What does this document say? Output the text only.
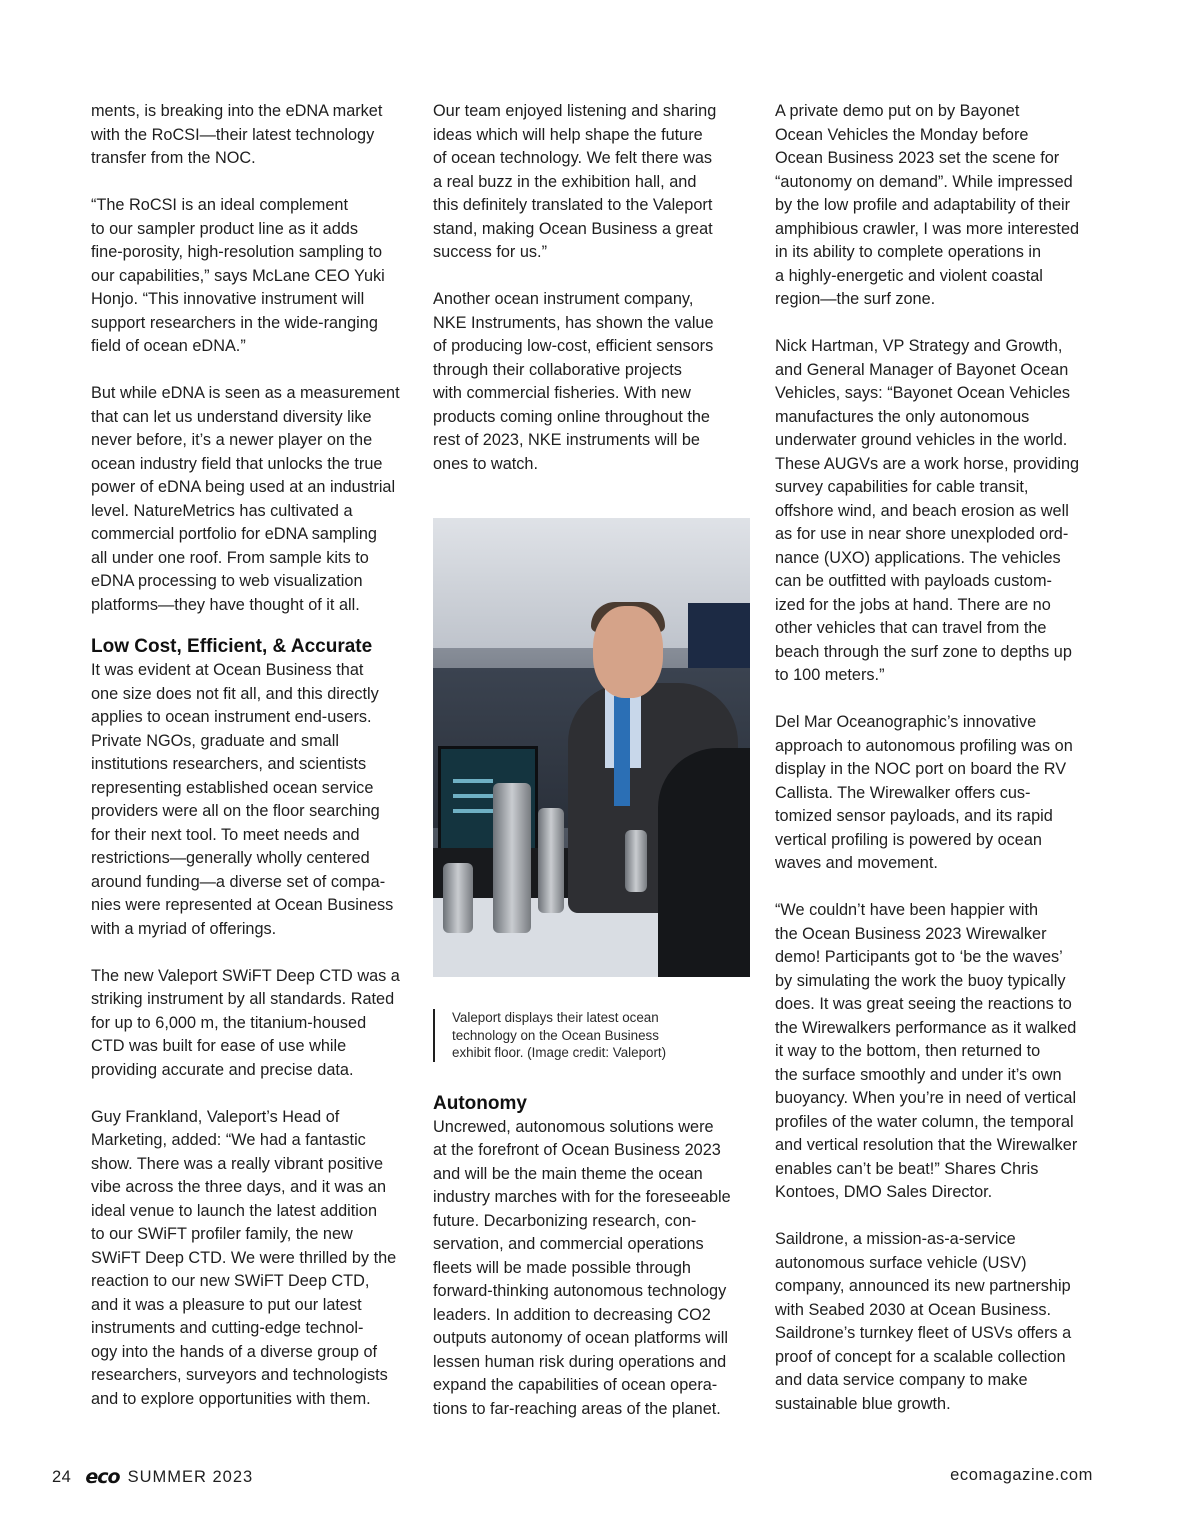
ments, is breaking into the eDNA market
with the RoCSI—their latest technology
transfer from the NOC.

“The RoCSI is an ideal complement
to our sampler product line as it adds
fine-porosity, high-resolution sampling to
our capabilities,” says McLane CEO Yuki
Honjo. “This innovative instrument will
support researchers in the wide-ranging
field of ocean eDNA.”

But while eDNA is seen as a measurement
that can let us understand diversity like
never before, it’s a newer player on the
ocean industry field that unlocks the true
power of eDNA being used at an industrial
level. NatureMetrics has cultivated a
commercial portfolio for eDNA sampling
all under one roof. From sample kits to
eDNA processing to web visualization
platforms—they have thought of it all.

Low Cost, Efficient, & Accurate

It was evident at Ocean Business that
one size does not fit all, and this directly
applies to ocean instrument end-users.
Private NGOs, graduate and small
institutions researchers, and scientists
representing established ocean service
providers were all on the floor searching
for their next tool. To meet needs and
restrictions—generally wholly centered
around funding—a diverse set of compa-
nies were represented at Ocean Business
with a myriad of offerings.

The new Valeport SWiFT Deep CTD was a
striking instrument by all standards. Rated
for up to 6,000 m, the titanium-housed
CTD was built for ease of use while
providing accurate and precise data.

Guy Frankland, Valeport’s Head of
Marketing, added: “We had a fantastic
show. There was a really vibrant positive
vibe across the three days, and it was an
ideal venue to launch the latest addition
to our SWiFT profiler family, the new
SWiFT Deep CTD. We were thrilled by the
reaction to our new SWiFT Deep CTD,
and it was a pleasure to put our latest
instruments and cutting-edge technol-
ogy into the hands of a diverse group of
researchers, surveyors and technologists
and to explore opportunities with them.

Our team enjoyed listening and sharing
ideas which will help shape the future
of ocean technology. We felt there was
a real buzz in the exhibition hall, and
this definitely translated to the Valeport
stand, making Ocean Business a great
success for us.”

Another ocean instrument company,
NKE Instruments, has shown the value
of producing low-cost, efficient sensors
through their collaborative projects
with commercial fisheries. With new
products coming online throughout the
rest of 2023, NKE instruments will be
ones to watch.

Valeport displays their latest ocean
technology on the Ocean Business
exhibit floor. (Image credit: Valeport)

Autonomy

Uncrewed, autonomous solutions were
at the forefront of Ocean Business 2023
and will be the main theme the ocean
industry marches with for the foreseeable
future. Decarbonizing research, con-
servation, and commercial operations
fleets will be made possible through
forward-thinking autonomous technology
leaders. In addition to decreasing CO2
outputs autonomy of ocean platforms will
lessen human risk during operations and
expand the capabilities of ocean opera-
tions to far-reaching areas of the planet.

A private demo put on by Bayonet
Ocean Vehicles the Monday before
Ocean Business 2023 set the scene for
“autonomy on demand”. While impressed
by the low profile and adaptability of their
amphibious crawler, I was more interested
in its ability to complete operations in
a highly-energetic and violent coastal
region—the surf zone.

Nick Hartman, VP Strategy and Growth,
and General Manager of Bayonet Ocean
Vehicles, says: “Bayonet Ocean Vehicles
manufactures the only autonomous
underwater ground vehicles in the world.
These AUGVs are a work horse, providing
survey capabilities for cable transit,
offshore wind, and beach erosion as well
as for use in near shore unexploded ord-
nance (UXO) applications. The vehicles
can be outfitted with payloads custom-
ized for the jobs at hand. There are no
other vehicles that can travel from the
beach through the surf zone to depths up
to 100 meters.”

Del Mar Oceanographic’s innovative
approach to autonomous profiling was on
display in the NOC port on board the RV
Callista. The Wirewalker offers cus-
tomized sensor payloads, and its rapid
vertical profiling is powered by ocean
waves and movement.

“We couldn’t have been happier with
the Ocean Business 2023 Wirewalker
demo! Participants got to ‘be the waves’
by simulating the work the buoy typically
does. It was great seeing the reactions to
the Wirewalkers performance as it walked
it way to the bottom, then returned to
the surface smoothly and under it’s own
buoyancy. When you’re in need of vertical
profiles of the water column, the temporal
and vertical resolution that the Wirewalker
enables can’t be beat!” Shares Chris
Kontoes, DMO Sales Director.

Saildrone, a mission-as-a-service
autonomous surface vehicle (USV)
company, announced its new partnership
with Seabed 2030 at Ocean Business.
Saildrone’s turnkey fleet of USVs offers a
proof of concept for a scalable collection
and data service company to make
sustainable blue growth.

24 eco SUMMER 2023	ecomagazine.com
